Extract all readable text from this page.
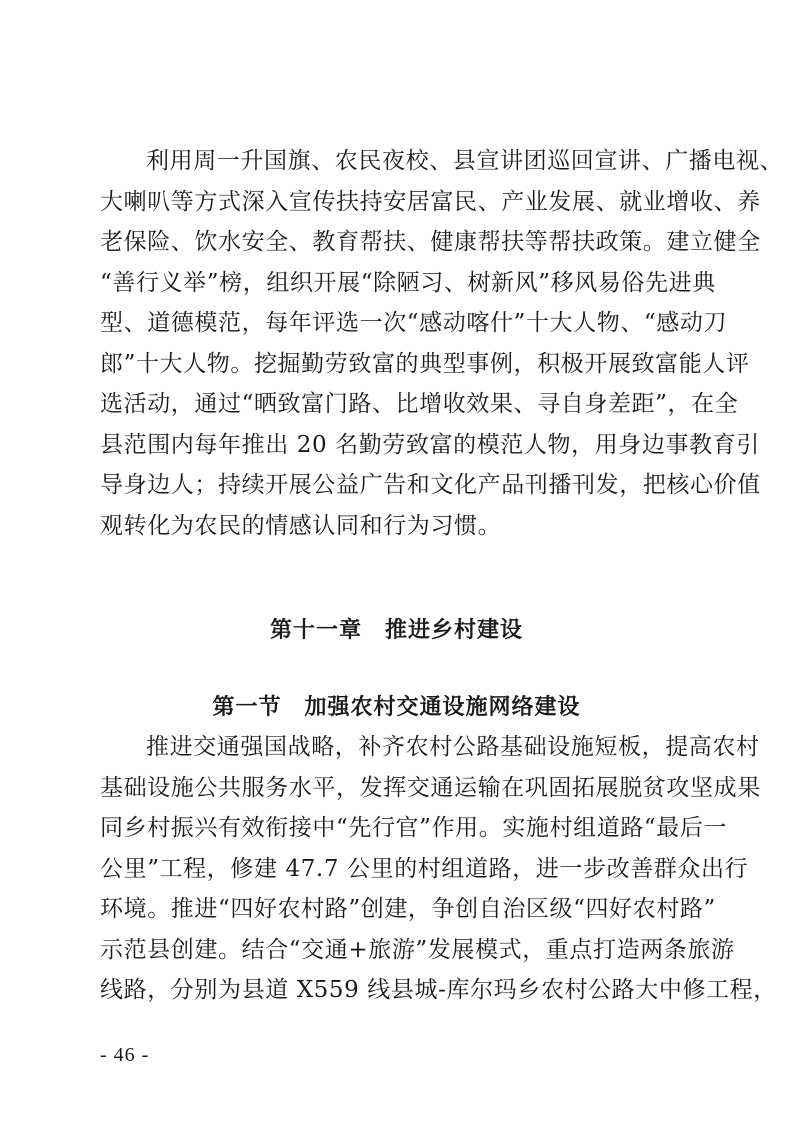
利用周一升国旗、农民夜校、县宣讲团巡回宣讲、广播电视、
大喇叭等方式深入宣传扶持安居富民、产业发展、就业增收、养
老保险、饮水安全、教育帮扶、健康帮扶等帮扶政策。建立健全
“善行义举”榜，组织开展“除陋习、树新风”移风易俗先进典
型、道德模范，每年评选一次“感动喀什”十大人物、“感动刀
郎”十大人物。挖掘勤劳致富的典型事例，积极开展致富能人评
选活动，通过“晒致富门路、比增收效果、寻自身差距”，在全
县范围内每年推出 20 名勤劳致富的模范人物，用身边事教育引
导身边人；持续开展公益广告和文化产品刊播刊发，把核心价值
观转化为农民的情感认同和行为习惯。
第十一章　推进乡村建设
第一节　加强农村交通设施网络建设
推进交通强国战略，补齐农村公路基础设施短板，提高农村
基础设施公共服务水平，发挥交通运输在巩固拓展脱贫攻坚成果
同乡村振兴有效衔接中“先行官”作用。实施村组道路“最后一
公里”工程，修建 47.7 公里的村组道路，进一步改善群众出行
环境。推进“四好农村路”创建，争创自治区级“四好农村路”
示范县创建。结合“交通+旅游”发展模式，重点打造两条旅游
线路，分别为县道 X559 线县城-库尔玛乡农村公路大中修工程，
- 46 -
